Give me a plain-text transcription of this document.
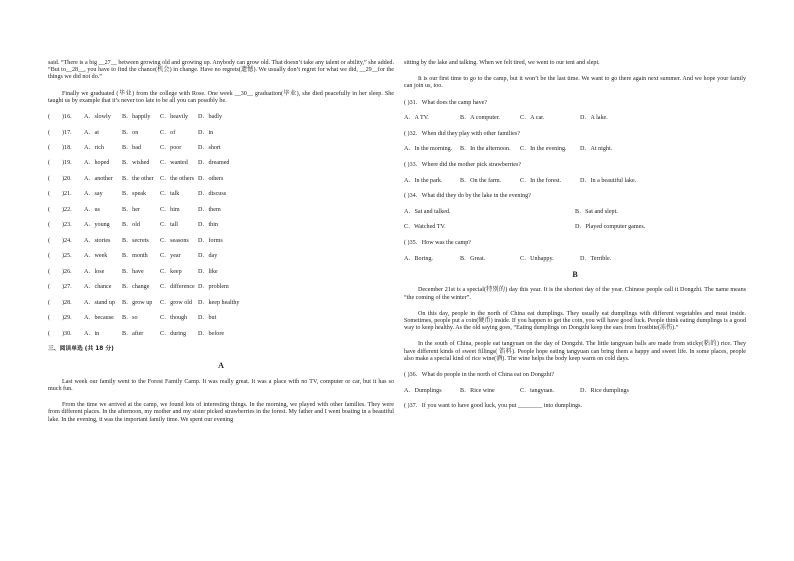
said. “There is a big __27__ between growing old and growing up. Anybody can grow old. That doesn’t take any talent or ability,” she added. “But to__28__, you have to find the chance(机会) in change. Have no regrets(遗憾). We usually don’t regret for what we did, __29__for the things we did not do.”

Finally we graduated (毕业) from the college with Rose. One week __30__ graduation(毕业), she died peacefully in her sleep. She taught us by example that it’s never too late to be all you can possibly be.

(	)16.	A．slowly	B．happily	C．heavily	D．badly
(	)17.	A．at	B．on	C．of	D．in
(	)18.	A．rich	B．bad	C．poor	D．short
(	)19.	A．hoped	B．wished	C．wanted	D．dreamed
(	)20.	A．another	B．the other	C．the others D．others
(	)21.	A．say	B．speak	C．talk	D．discuss
(	)22.	A．us	B．her	C．him	D．them
(	)23.	A．young	B．old	C．tall	D．thin
(	)24.	A．stories	B．secrets	C．seasons	D．forms
(	)25.	A．week	B．month	C．year	D．day
(	)26.	A．lose	B．have	C．keep	D．like
(	)27.	A．chance	B．change	C．difference D．problem
(	)28.	A．stand up	B．grow up	C．grow old D．keep healthy
(	)29.	A．because	B．so	C．though	D．but
(	)30.	A．in	B．after	C．during	D．before
三、阅读单选 (共 18 分)
A

Last week our family went to the Forest Family Camp. It was really great. It was a place with no TV, computer or car, but it has so much fun.

From the time we arrived at the camp, we found lots of interesting things. In the morning, we played with other families. They were from different places. In the afternoon, my mother and my sister picked strawberries in the forest. My father and I went boating in a beautiful lake. In the evening, it was the important family time. We spent our evening

sitting by the lake and talking. When we felt tired, we went to our tent and slept.

It is our first time to go to the camp, but it won’t be the last time. We want to go there again next summer. And we hope your family can join us, too.

( )31．What does the camp have?
A．A TV.	B．A computer.	C．A car.	D．A lake.
( )32．When did they play with other families?
A．In the morning.	B．In the afternoon.	C．In the evening.	D．At night.
( )33．Where did the mother pick strawberries?
A．In the park.	B．On the farm.	C．In the forest.	D．In a beautiful lake.
( )34．What did they do by the lake in the evening?
A．Sat and talked.	B．Sat and slept.
C．Watched TV.	D．Played computer games.
( )35．How was the camp?
A．Boring.	B．Great.	C．Unhappy.	D．Terrible.
B

December 21st is a special(特别的) day this year. It is the shortest day of the year. Chinese people call it Dongzhi. The name means “the coming of the winter”.

On this day, people in the north of China eat dumplings. They usually eat dumplings with different vegetables and meat inside. Sometimes, people put a coin(硬币) inside. If you happen to get the coin, you will have good luck. People think eating dumplings is a good way to keep healthy. As the old saying goes, “Eating dumplings on Dongzhi keep the ears from frostbite(冻伤).”

In the south of China, people eat tangyuan on the day of Dongzhi. The little tangyuan balls are made from sticky(粘的) rice. They have different kinds of sweet fillings( 馅料). People hope eating tangyuan can bring them a happy and sweet life. In some places, people also make a special kind of rice wine(酒). The wine helps the body keep warm on cold days.

( )36．What do people in the north of China eat on Dongzhi?
A．Dumplings	B．Rice wine	C．tangyuan.	D．Rice dumplings
( )37．If you want to have good luck, you put ________ into dumplings.
